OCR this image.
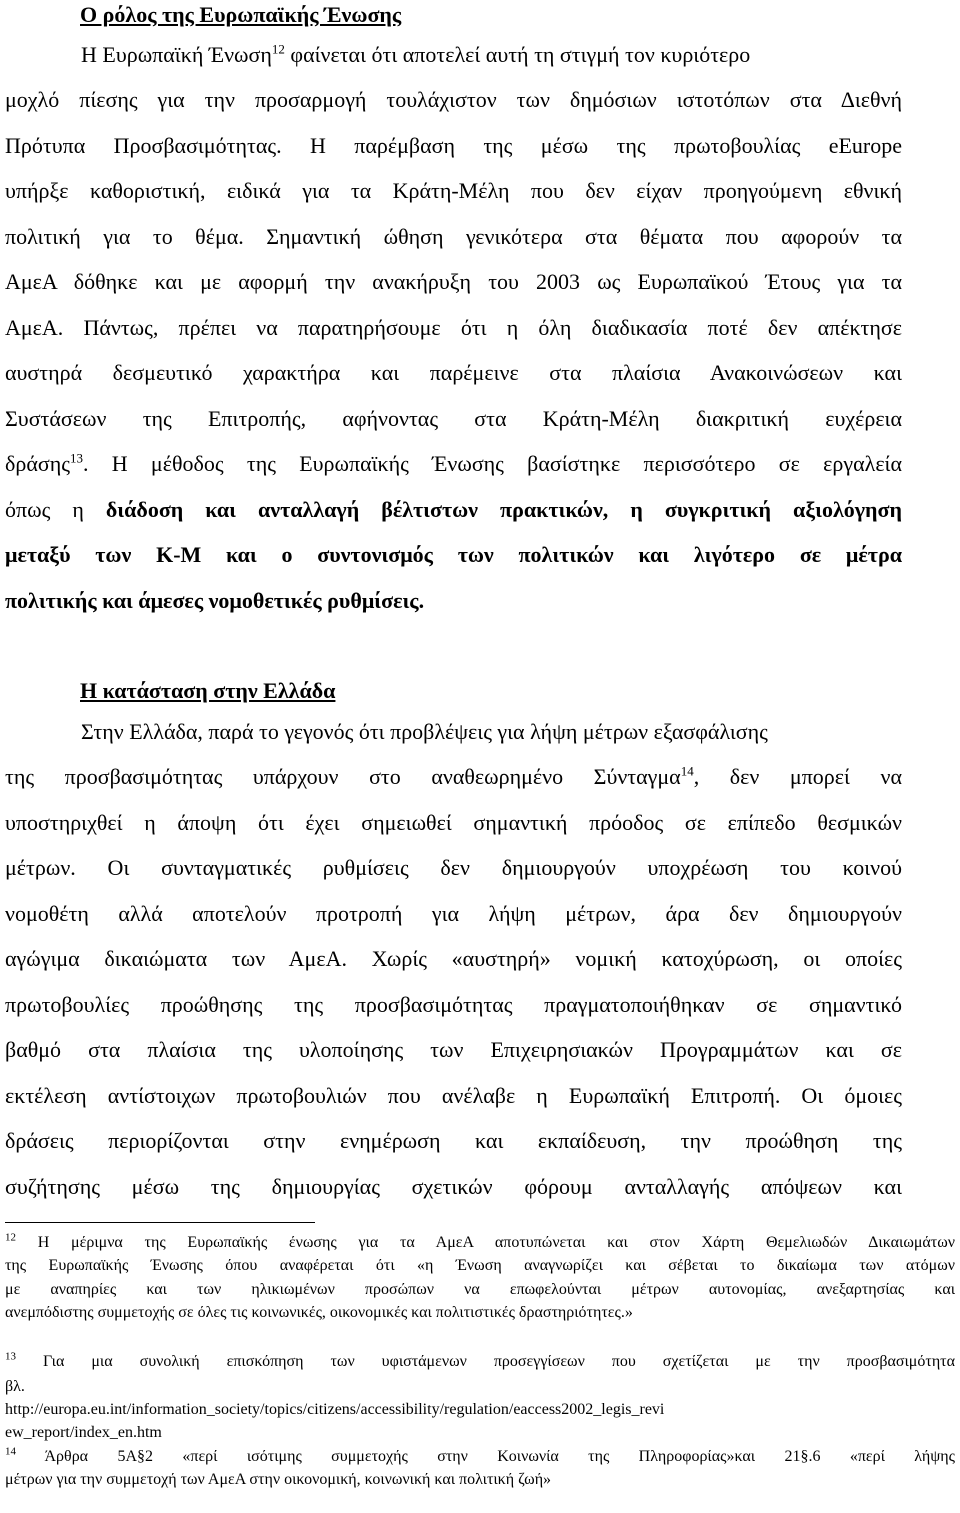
Ο ρόλος της Ευρωπαϊκής Ένωσης
Η Ευρωπαϊκή Ένωση$^{12}$ φαίνεται ότι αποτελεί αυτή τη στιγμή τον κυριότερο
μοχλό πίεσης για την προσαρμογή τουλάχιστον των δημόσιων ιστοτόπων στα Διεθνή
Πρότυπα Προσβασιμότητας. Η παρέμβαση της μέσω της πρωτοβουλίας eEurope
υπήρξε καθοριστική, ειδικά για τα Κράτη-Μέλη που δεν είχαν προηγούμενη εθνική
πολιτική για το θέμα. Σημαντική ώθηση γενικότερα στα θέματα που αφορούν τα
ΑμεΑ δόθηκε και με αφορμή την ανακήρυξη του 2003 ως Ευρωπαϊκού Έτους για τα
ΑμεΑ. Πάντως, πρέπει να παρατηρήσουμε ότι η όλη διαδικασία ποτέ δεν απέκτησε
αυστηρά δεσμευτικό χαρακτήρα και παρέμεινε στα πλαίσια Ανακοινώσεων και
Συστάσεων της Επιτροπής, αφήνοντας στα Κράτη-Μέλη διακριτική ευχέρεια
δράσης$^{13}$. Η μέθοδος της Ευρωπαϊκής Ένωσης βασίστηκε περισσότερο σε εργαλεία
όπως η διάδοση και ανταλλαγή βέλτιστων πρακτικών, η συγκριτική αξιολόγηση
μεταξύ των Κ-Μ και ο συντονισμός των πολιτικών και λιγότερο σε μέτρα
πολιτικής και άμεσες νομοθετικές ρυθμίσεις.
Η κατάσταση στην Ελλάδα
Στην Ελλάδα, παρά το γεγονός ότι προβλέψεις για λήψη μέτρων εξασφάλισης
της προσβασιμότητας υπάρχουν στο αναθεωρημένο Σύνταγμα$^{14}$, δεν μπορεί να
υποστηριχθεί η άποψη ότι έχει σημειωθεί σημαντική πρόοδος σε επίπεδο θεσμικών
μέτρων. Οι συνταγματικές ρυθμίσεις δεν δημιουργούν υποχρέωση του κοινού
νομοθέτη αλλά αποτελούν προτροπή για λήψη μέτρων, άρα δεν δημιουργούν
αγώγιμα δικαιώματα των ΑμεΑ. Χωρίς «αυστηρή» νομική κατοχύρωση, οι οποίες
πρωτοβουλίες προώθησης της προσβασιμότητας πραγματοποιήθηκαν σε σημαντικό
βαθμό στα πλαίσια της υλοποίησης των Επιχειρησιακών Προγραμμάτων και σε
εκτέλεση αντίστοιχων πρωτοβουλιών που ανέλαβε η Ευρωπαϊκή Επιτροπή. Οι όμοιες
δράσεις περιορίζονται στην ενημέρωση και εκπαίδευση, την προώθηση της
συζήτησης μέσω της δημιουργίας σχετικών φόρουμ ανταλλαγής απόψεων και
$^{12}$ Η μέριμνα της Ευρωπαϊκής ένωσης για τα ΑμεΑ αποτυπώνεται και στον Χάρτη Θεμελιωδών Δικαιωμάτων
της Ευρωπαϊκής Ένωσης όπου αναφέρεται ότι «η Ένωση αναγνωρίζει και σέβεται το δικαίωμα των ατόμων
με αναπηρίες και των ηλικιωμένων προσώπων να επωφελούνται μέτρων αυτονομίας, ανεξαρτησίας και
ανεμπόδιστης συμμετοχής σε όλες τις κοινωνικές, οικονομικές και πολιτιστικές δραστηριότητες.»
$^{13}$ Για μια συνολική επισκόπηση των υφιστάμενων προσεγγίσεων που σχετίζεται με την προσβασιμότητα
βλ.
http://europa.eu.int/information_society/topics/citizens/accessibility/regulation/eaccess2002_legis_revi
ew_report/index_en.htm
$^{14}$ Άρθρα 5Α§2 «περί ισότιμης συμμετοχής στην Κοινωνία της Πληροφορίας»και 21§.6 «περί λήψης
μέτρων για την συμμετοχή των ΑμεΑ στην οικονομική, κοινωνική και πολιτική ζωή»
